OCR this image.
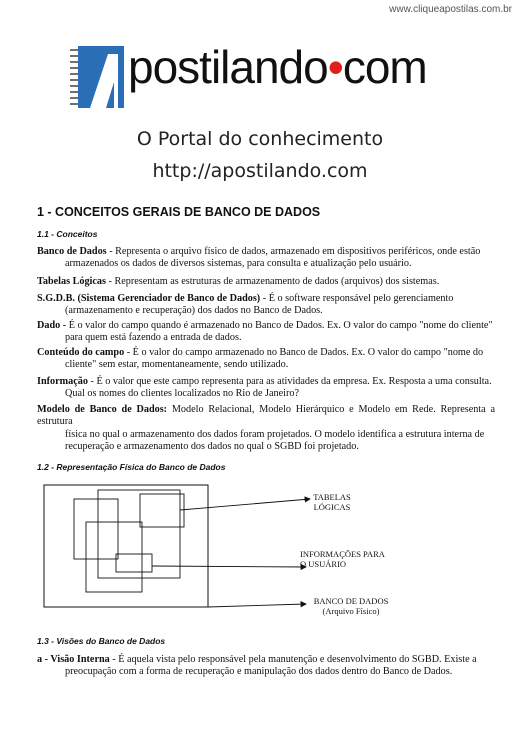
www.cliqueapostilas.com.br
postilando•com
O Portal do conhecimento
http://apostilando.com
1 - CONCEITOS GERAIS DE BANCO DE DADOS
1.1 - Conceitos
Banco de Dados - Representa o arquivo físico de dados, armazenado em dispositivos periféricos, onde estão
armazenados os dados de diversos sistemas, para consulta e atualização pelo usuário.
Tabelas Lógicas - Representam as estruturas de armazenamento de dados (arquivos) dos sistemas.
S.G.D.B. (Sistema Gerenciador de Banco de Dados) - É o software responsável pelo gerenciamento
(armazenamento e recuperação) dos dados no Banco de Dados.
Dado - É o valor do campo quando é armazenado no Banco de Dados. Ex. O valor do campo "nome do cliente"
para quem está fazendo a entrada de dados.
Conteúdo do campo - É o valor do campo armazenado no Banco de Dados. Ex. O valor do campo "nome do
cliente" sem estar, momentaneamente, sendo utilizado.
Informação - É o valor que este campo representa para as atividades da empresa. Ex. Resposta a uma consulta.
Qual os nomes do clientes localizados no Rio de Janeiro?
Modelo de Banco de Dados: Modelo Relacional, Modelo Hierárquico e Modelo em Rede. Representa a estrutura
física no qual o armazenamento dos dados foram projetados. O modelo identifica a estrutura interna de
recuperação e armazenamento dos dados no qual o SGBD foi projetado.
1.2 - Representação Física do Banco de Dados
TABELAS
LÓGICAS
INFORMAÇÕES PARA
O USUÁRIO
BANCO DE DADOS
(Arquivo Físico)
1.3 - Visões do Banco de Dados
a - Visão Interna - É aquela vista pelo responsável pela manutenção e desenvolvimento do SGBD. Existe a
preocupação com a forma de recuperação e manipulação dos dados dentro do Banco de Dados.
